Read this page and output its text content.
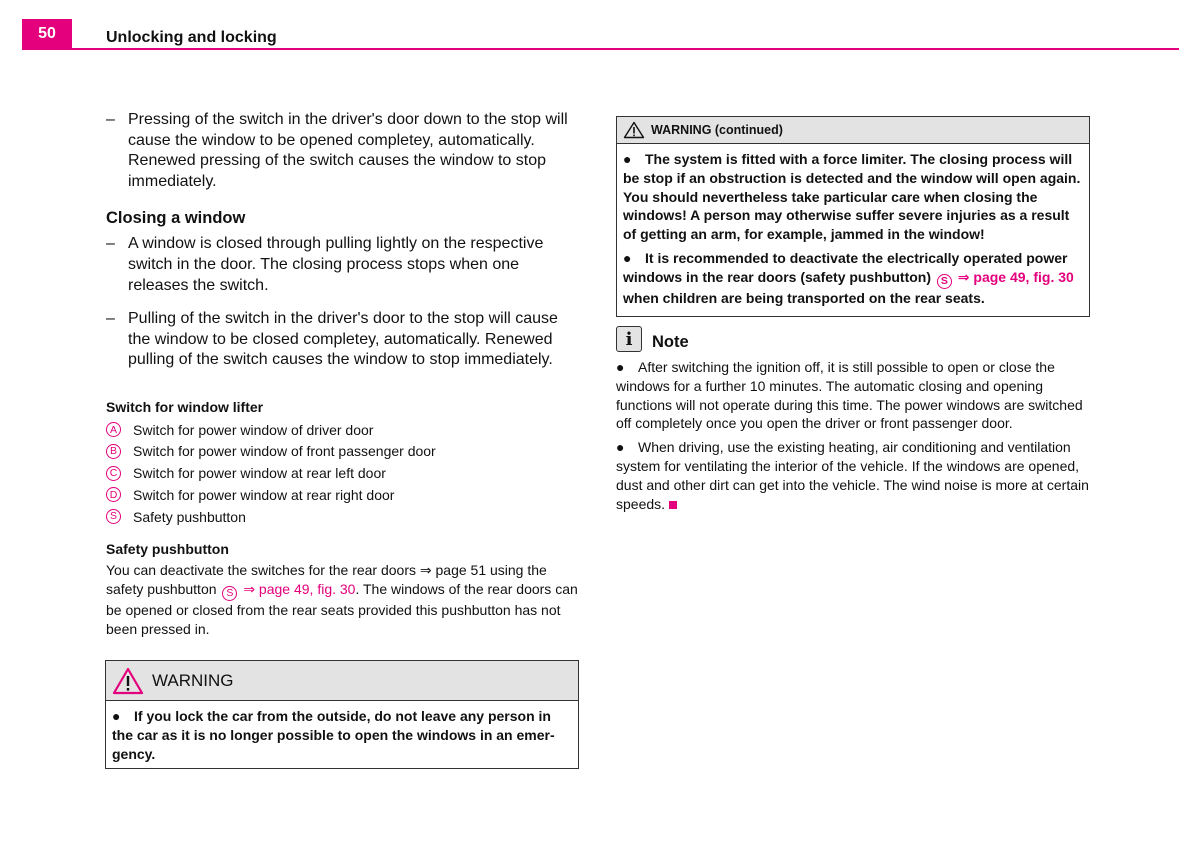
50	Unlocking and locking
– Pressing of the switch in the driver's door down to the stop will cause the window to be opened completey, automatically. Renewed pressing of the switch causes the window to stop immediately.
Closing a window
– A window is closed through pulling lightly on the respective switch in the door. The closing process stops when one releases the switch.
– Pulling of the switch in the driver's door to the stop will cause the window to be closed completey, automatically. Renewed pulling of the switch causes the window to stop immediately.
Switch for window lifter
A Switch for power window of driver door
B Switch for power window of front passenger door
C Switch for power window at rear left door
D Switch for power window at rear right door
S Safety pushbutton
Safety pushbutton

You can deactivate the switches for the rear doors ⇒ page 51 using the safety pushbutton S ⇒ page 49, fig. 30. The windows of the rear doors can be opened or closed from the rear seats provided this pushbutton has not been pressed in.

WARNING
● If you lock the car from the outside, do not leave any person in the car as it is no longer possible to open the windows in an emer-gency.
WARNING (continued)

● The system is fitted with a force limiter. The closing process will be stop if an obstruction is detected and the window will open again. You should nevertheless take particular care when closing the windows! A person may otherwise suffer severe injuries as a result of getting an arm, for example, jammed in the window!

● It is recommended to deactivate the electrically operated power windows in the rear doors (safety pushbutton) S ⇒ page 49, fig. 30 when children are being transported on the rear seats.

i	Note

● After switching the ignition off, it is still possible to open or close the windows for a further 10 minutes. The automatic closing and opening functions will not operate during this time. The power windows are switched off completely once you open the driver or front passenger door.

● When driving, use the existing heating, air conditioning and ventilation system for ventilating the interior of the vehicle. If the windows are opened, dust and other dirt can get into the vehicle. The wind noise is more at certain speeds.
